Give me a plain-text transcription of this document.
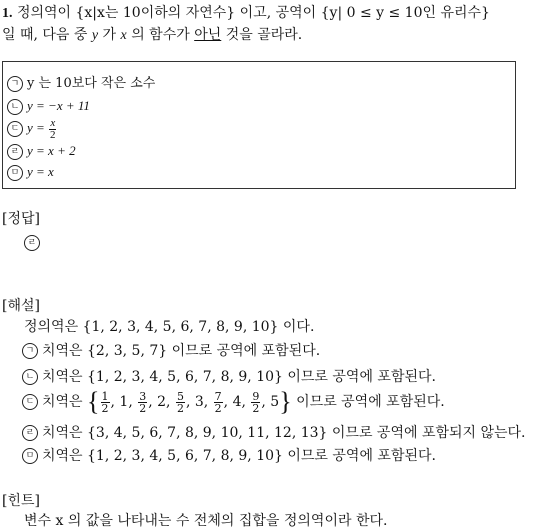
1. 정의역이 {x|x는 10이하의 자연수} 이고, 공역이 {y| 0 ≤ y ≤ 10인 유리수}
일 때, 다음 중 y 가 x 의 함수가 아닌 것을 골라라.
ㄱ y 는 10보다 작은 소수
ㄴ y = −x + 11
ㄷ $y = \frac{x}{2}$
ㄹ y = x + 2
ㅁ y = x
[정답]
ㄹ
[해설]
정의역은 {1, 2, 3, 4, 5, 6, 7, 8, 9, 10} 이다.
ㄱ 치역은 {2, 3, 5, 7} 이므로 공역에 포함된다.
ㄴ 치역은 {1, 2, 3, 4, 5, 6, 7, 8, 9, 10} 이므로 공역에 포함된다.
ㄷ 치역은 { $\frac{1}{2}$ , 1, $\frac{3}{2}$ , 2, $\frac{5}{2}$ , 3, $\frac{7}{2}$ , 4, $\frac{9}{2}$ , 5} 이므로 공역에 포함된다.
ㄹ 치역은 {3, 4, 5, 6, 7, 8, 9, 10, 11, 12, 13} 이므로 공역에 포함되지 않는다.
ㅁ 치역은 {1, 2, 3, 4, 5, 6, 7, 8, 9, 10} 이므로 공역에 포함된다.
[힌트]
변수 x 의 값을 나타내는 수 전체의 집합을 정의역이라 한다.
